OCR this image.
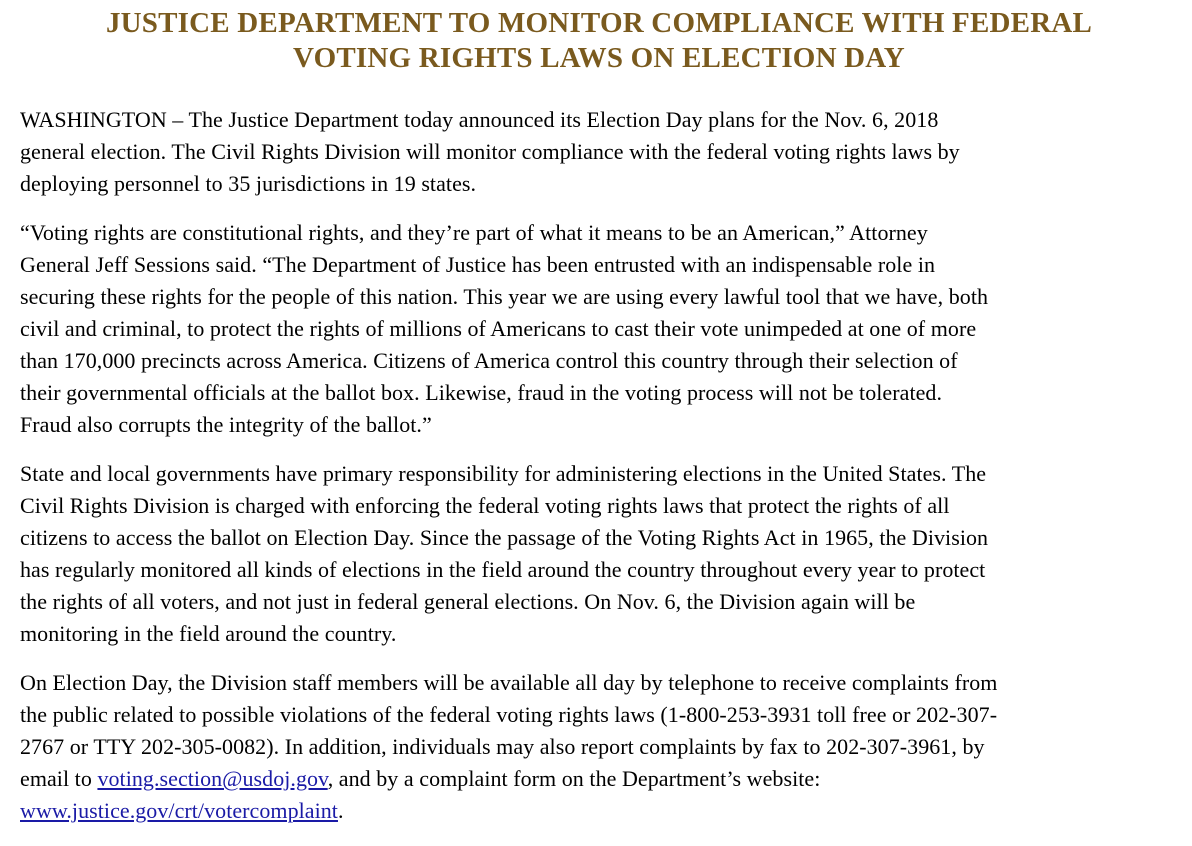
JUSTICE DEPARTMENT TO MONITOR COMPLIANCE WITH FEDERAL
VOTING RIGHTS LAWS ON ELECTION DAY

WASHINGTON – The Justice Department today announced its Election Day plans for the Nov. 6, 2018
general election. The Civil Rights Division will monitor compliance with the federal voting rights laws by
deploying personnel to 35 jurisdictions in 19 states.

“Voting rights are constitutional rights, and they’re part of what it means to be an American,” Attorney
General Jeff Sessions said. “The Department of Justice has been entrusted with an indispensable role in
securing these rights for the people of this nation. This year we are using every lawful tool that we have, both
civil and criminal, to protect the rights of millions of Americans to cast their vote unimpeded at one of more
than 170,000 precincts across America. Citizens of America control this country through their selection of
their governmental officials at the ballot box. Likewise, fraud in the voting process will not be tolerated.
Fraud also corrupts the integrity of the ballot.”

State and local governments have primary responsibility for administering elections in the United States. The
Civil Rights Division is charged with enforcing the federal voting rights laws that protect the rights of all
citizens to access the ballot on Election Day. Since the passage of the Voting Rights Act in 1965, the Division
has regularly monitored all kinds of elections in the field around the country throughout every year to protect
the rights of all voters, and not just in federal general elections. On Nov. 6, the Division again will be
monitoring in the field around the country.

On Election Day, the Division staff members will be available all day by telephone to receive complaints from
the public related to possible violations of the federal voting rights laws (1-800-253-3931 toll free or 202-307-
2767 or TTY 202-305-0082). In addition, individuals may also report complaints by fax to 202-307-3961, by
email to voting.section@usdoj.gov, and by a complaint form on the Department’s website:
www.justice.gov/crt/votercomplaint.
